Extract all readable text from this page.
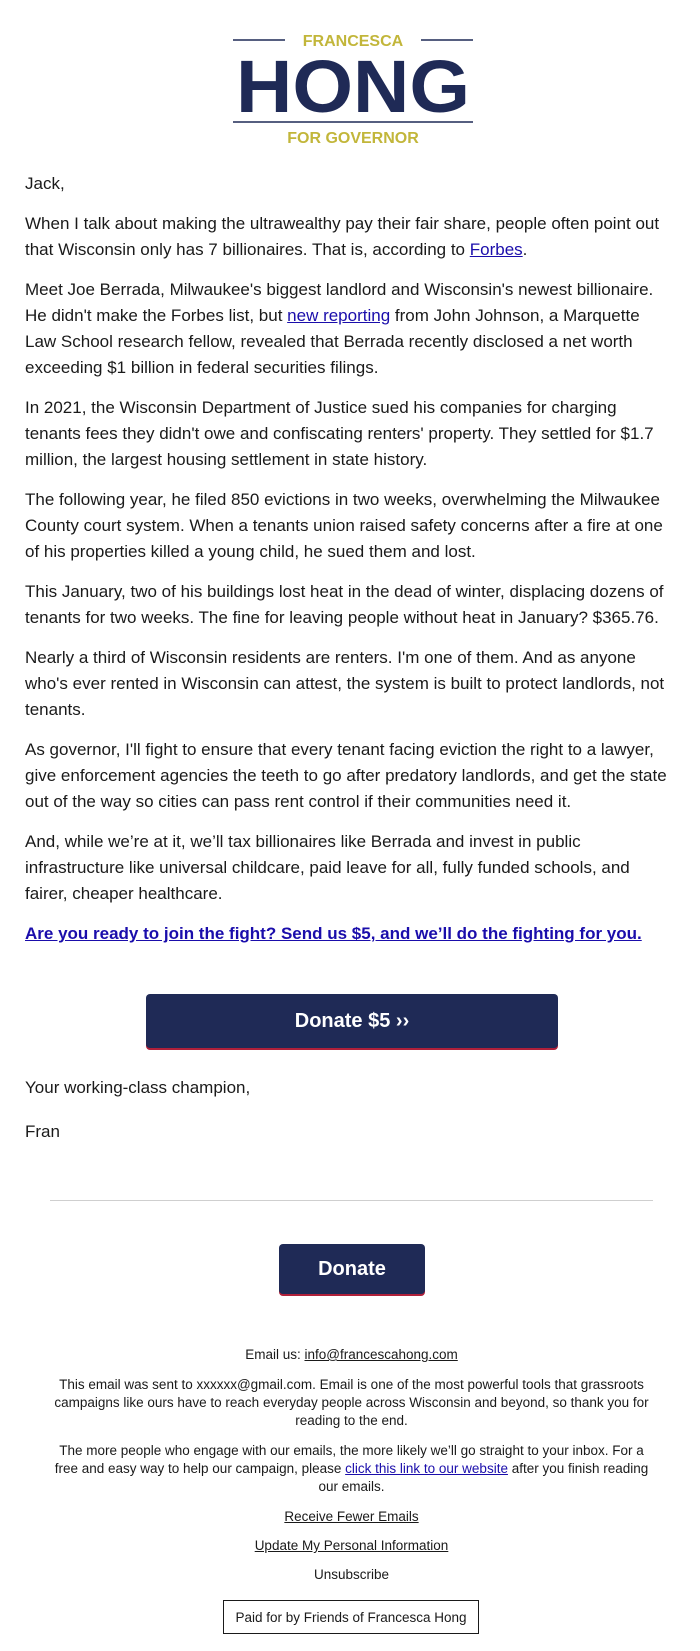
FRANCESCA
HONG
FOR GOVERNOR

Jack,

When I talk about making the ultrawealthy pay their fair share, people often point out that Wisconsin only has 7 billionaires. That is, according to Forbes.

Meet Joe Berrada, Milwaukee's biggest landlord and Wisconsin's newest billionaire. He didn't make the Forbes list, but new reporting from John Johnson, a Marquette Law School research fellow, revealed that Berrada recently disclosed a net worth exceeding $1 billion in federal securities filings.

In 2021, the Wisconsin Department of Justice sued his companies for charging tenants fees they didn't owe and confiscating renters' property. They settled for $1.7 million, the largest housing settlement in state history.

The following year, he filed 850 evictions in two weeks, overwhelming the Milwaukee County court system. When a tenants union raised safety concerns after a fire at one of his properties killed a young child, he sued them and lost.

This January, two of his buildings lost heat in the dead of winter, displacing dozens of tenants for two weeks. The fine for leaving people without heat in January? $365.76.

Nearly a third of Wisconsin residents are renters. I'm one of them. And as anyone who's ever rented in Wisconsin can attest, the system is built to protect landlords, not tenants.

As governor, I'll fight to ensure that every tenant facing eviction the right to a lawyer, give enforcement agencies the teeth to go after predatory landlords, and get the state out of the way so cities can pass rent control if their communities need it.

And, while we’re at it, we’ll tax billionaires like Berrada and invest in public infrastructure like universal childcare, paid leave for all, fully funded schools, and fairer, cheaper healthcare.

Are you ready to join the fight? Send us $5, and we’ll do the fighting for you.

Donate $5 ››

Your working-class champion,

Fran

Donate

Email us: info@francescahong.com

This email was sent to xxxxxx@gmail.com. Email is one of the most powerful tools that grassroots campaigns like ours have to reach everyday people across Wisconsin and beyond, so thank you for reading to the end.

The more people who engage with our emails, the more likely we’ll go straight to your inbox. For a free and easy way to help our campaign, please click this link to our website after you finish reading our emails.

Receive Fewer Emails

Update My Personal Information

Unsubscribe

Paid for by Friends of Francesca Hong
